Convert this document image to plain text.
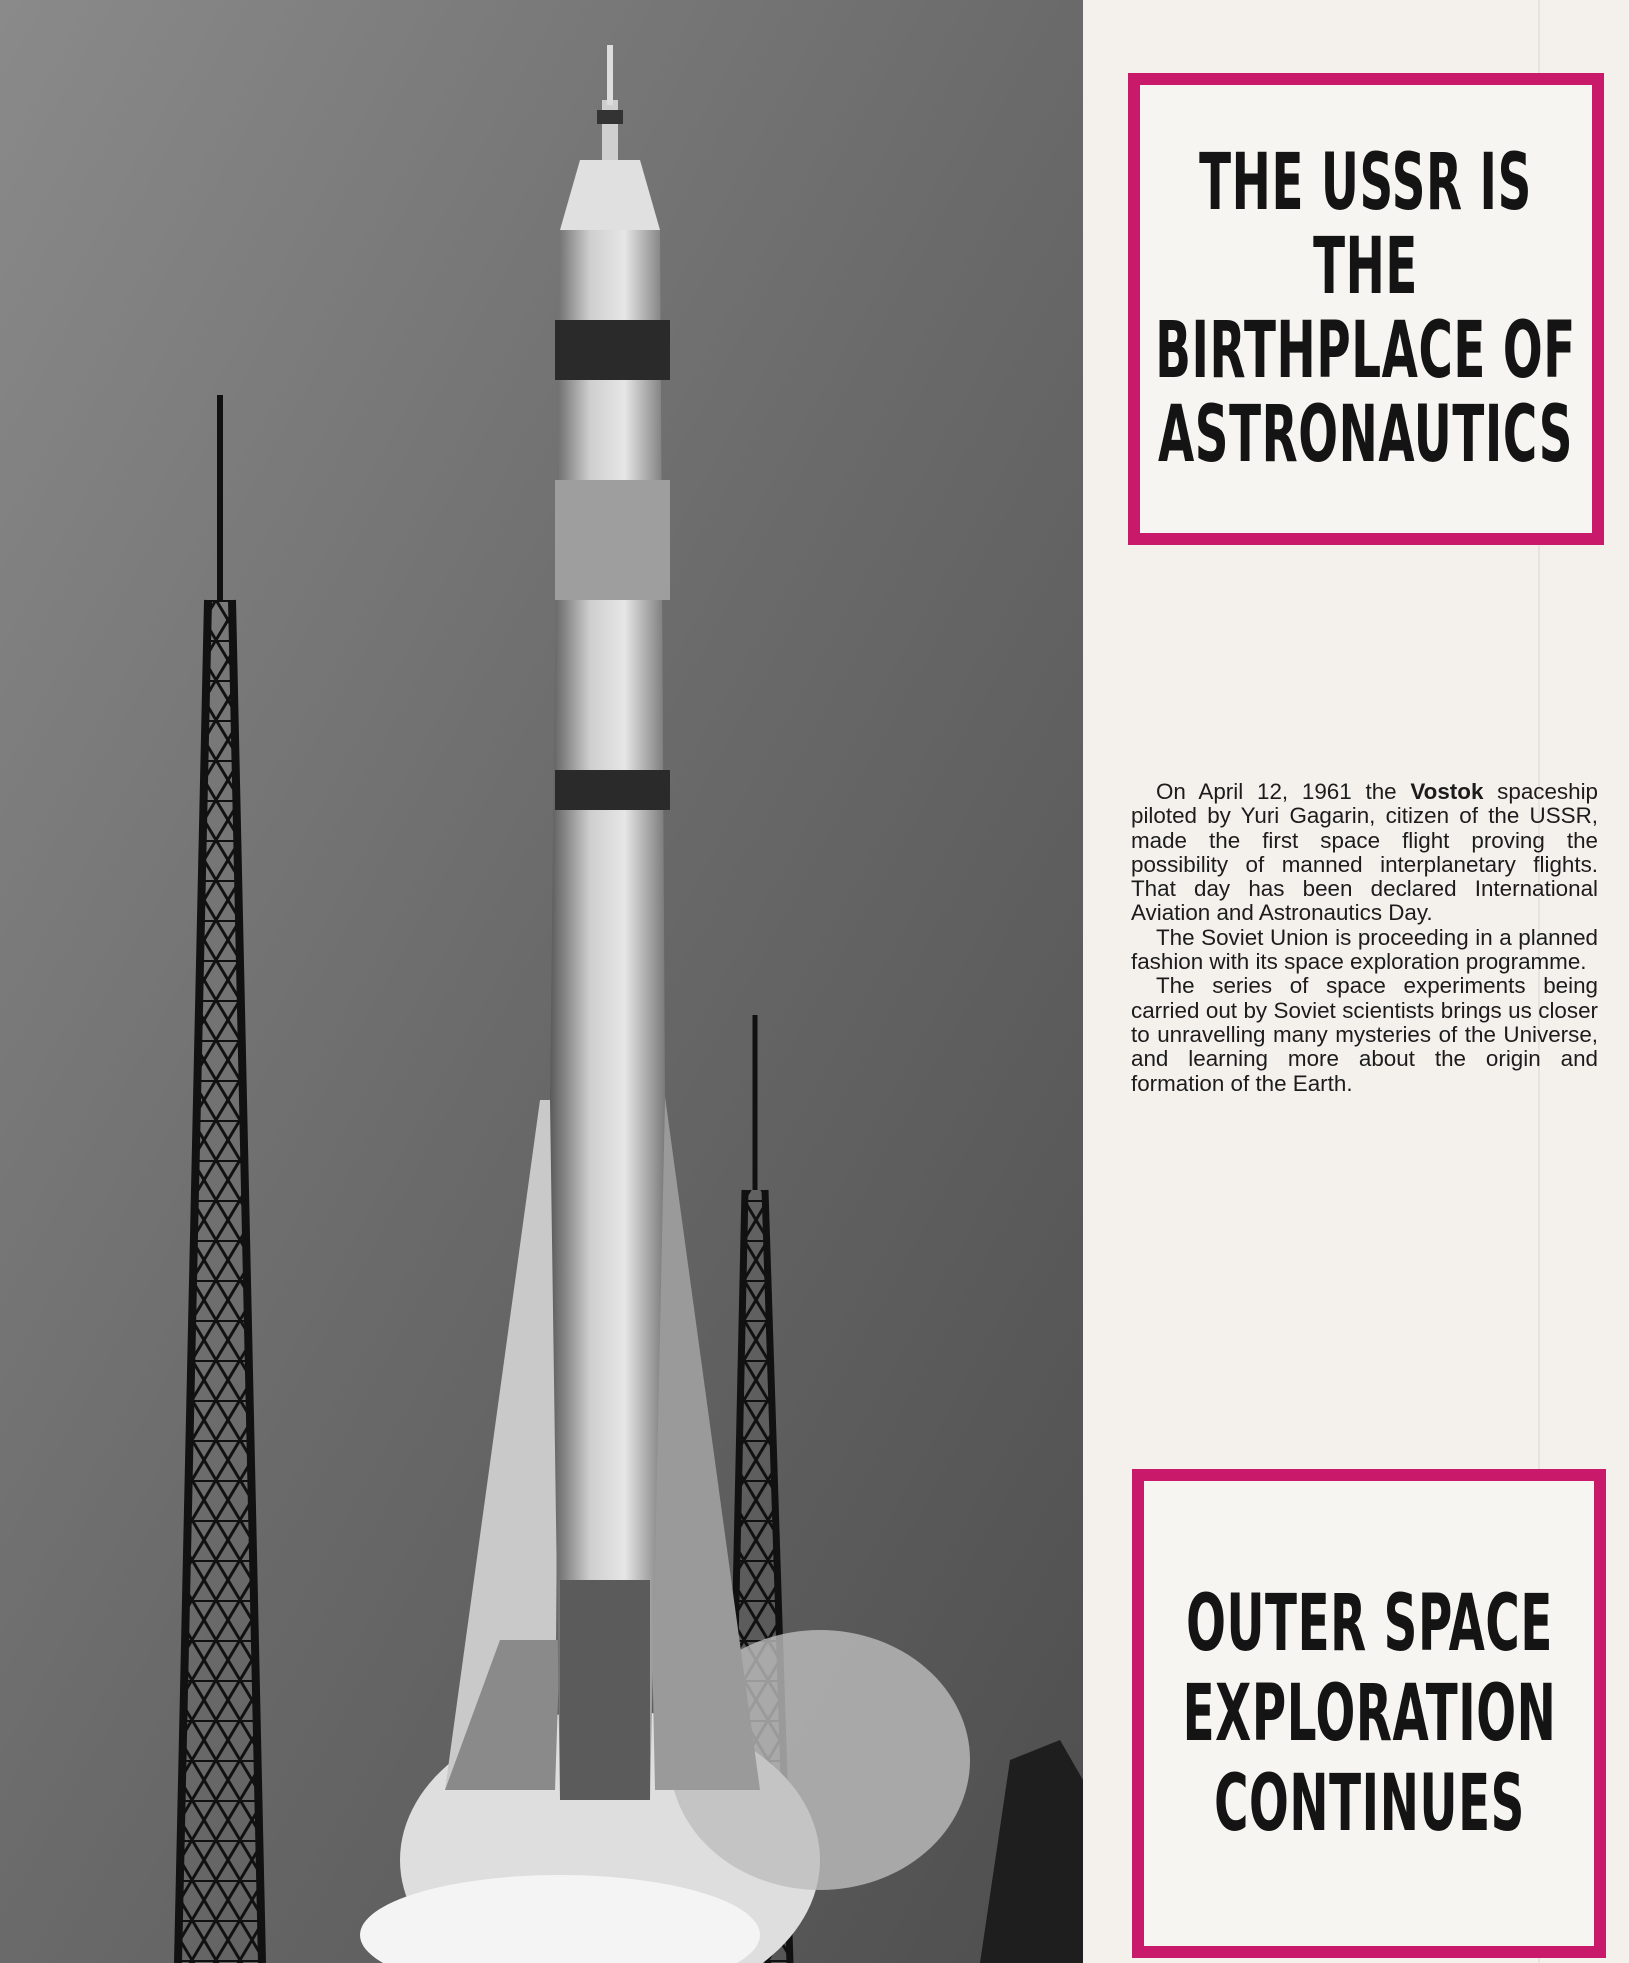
THE USSR IS
THE
BIRTHPLACE OF
ASTRONAUTICS

On April 12, 1961 the Vostok spaceship piloted by Yuri Gagarin, citizen of the USSR, made the first space flight proving the possibility of manned interplanetary flights. That day has been declared International Aviation and Astronautics Day.

The Soviet Union is proceeding in a planned fashion with its space exploration programme.

The series of space experiments being carried out by Soviet scientists brings us closer to unravelling many mysteries of the Universe, and learning more about the origin and formation of the Earth.

OUTER SPACE
EXPLORATION
CONTINUES
